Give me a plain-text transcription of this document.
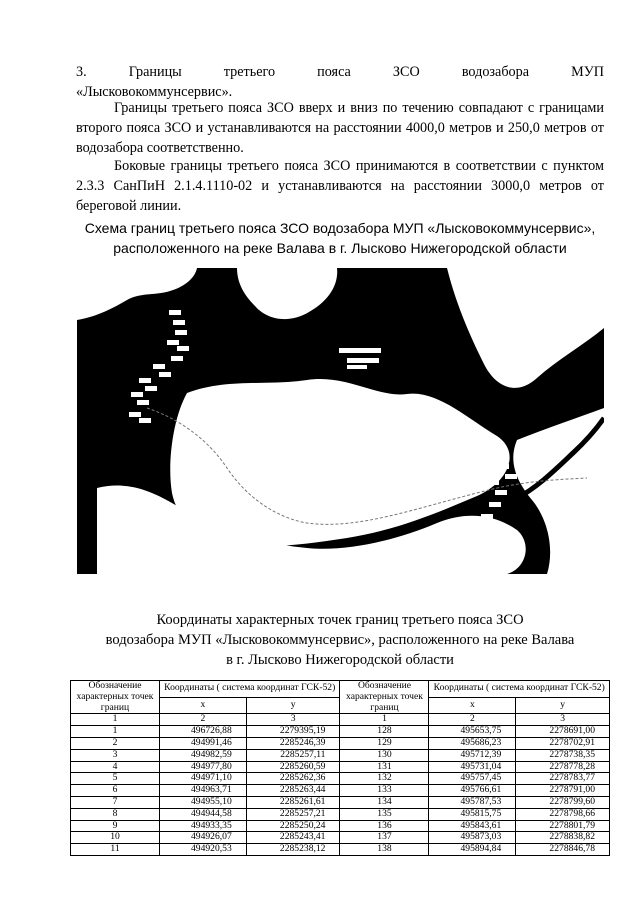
3.	Границы	третьего	пояса	ЗСО	водозабора	МУП
«Лысковокоммунсервис».

Границы третьего пояса ЗСО вверх и вниз по течению совпадают с границами второго пояса ЗСО и устанавливаются на расстоянии 4000,0 метров и 250,0 метров от водозабора соответственно.

Боковые границы третьего пояса ЗСО принимаются в соответствии с пунктом 2.3.3 СанПиН 2.1.4.1110-02 и устанавливаются на расстоянии 3000,0 метров от береговой линии.

Схема границ третьего пояса ЗСО водозабора МУП «Лысковокоммунсервис»,
расположенного на реке Валава в г. Лысково Нижегородской области
Координаты характерных точек границ третьего пояса ЗСО
водозабора МУП «Лысковокоммунсервис», расположенного на реке Валава
в г. Лысково Нижегородской области
Обозначение характерных точек границ	Координаты ( система координат ГСК-52)		Обозначение характерных точек границ	Координаты ( система координат ГСК-52)	
	х	у		х	у
1	2	3	1	2	3
1	496726,88	2279395,19	128	495653,75	2278691,00
2	494991,46	2285246,39	129	495686,23	2278702,91
3	494982,59	2285257,11	130	495712,39	2278738,35
4	494977,80	2285260,59	131	495731,04	2278778,28
5	494971,10	2285262,36	132	495757,45	2278783,77
6	494963,71	2285263,44	133	495766,61	2278791,00
7	494955,10	2285261,61	134	495787,53	2278799,60
8	494944,58	2285257,21	135	495815,75	2278798,66
9	494933,35	2285250,24	136	495843,61	2278801,79
10	494926,07	2285243,41	137	495873,03	2278838,82
11	494920,53	2285238,12	138	495894,84	2278846,78
